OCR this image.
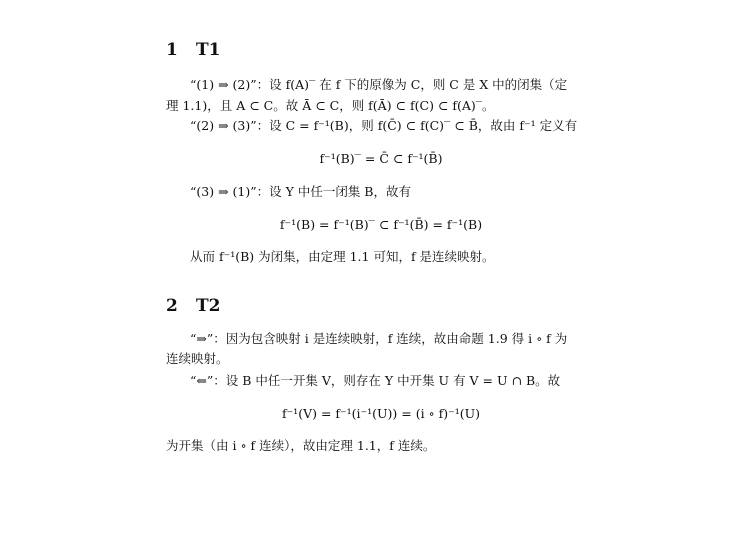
1 T1
“(1) ⇒ (2)”：设 f(A)‾ 在 f 下的原像为 C，则 C 是 X 中的闭集（定
理 1.1)，且 A ⊂ C。故 Ā ⊂ C，则 f(Ā) ⊂ f(C) ⊂ f(A)‾。
“(2) ⇒ (3)”：设 C = f⁻¹(B)，则 f(C̄) ⊂ f(C)‾ ⊂ B̄，故由 f⁻¹ 定义有
f⁻¹(B)‾ = C̄ ⊂ f⁻¹(B̄)
“(3) ⇒ (1)”：设 Y 中任一闭集 B，故有
f⁻¹(B) = f⁻¹(B)‾ ⊂ f⁻¹(B̄) = f⁻¹(B)
从而 f⁻¹(B) 为闭集，由定理 1.1 可知，f 是连续映射。
2 T2
“⇒”：因为包含映射 i 是连续映射，f 连续，故由命题 1.9 得 i ∘ f 为
连续映射。
“⇐”：设 B 中任一开集 V，则存在 Y 中开集 U 有 V = U ∩ B。故
f⁻¹(V) = f⁻¹(i⁻¹(U)) = (i ∘ f)⁻¹(U)
为开集（由 i ∘ f 连续），故由定理 1.1，f 连续。
